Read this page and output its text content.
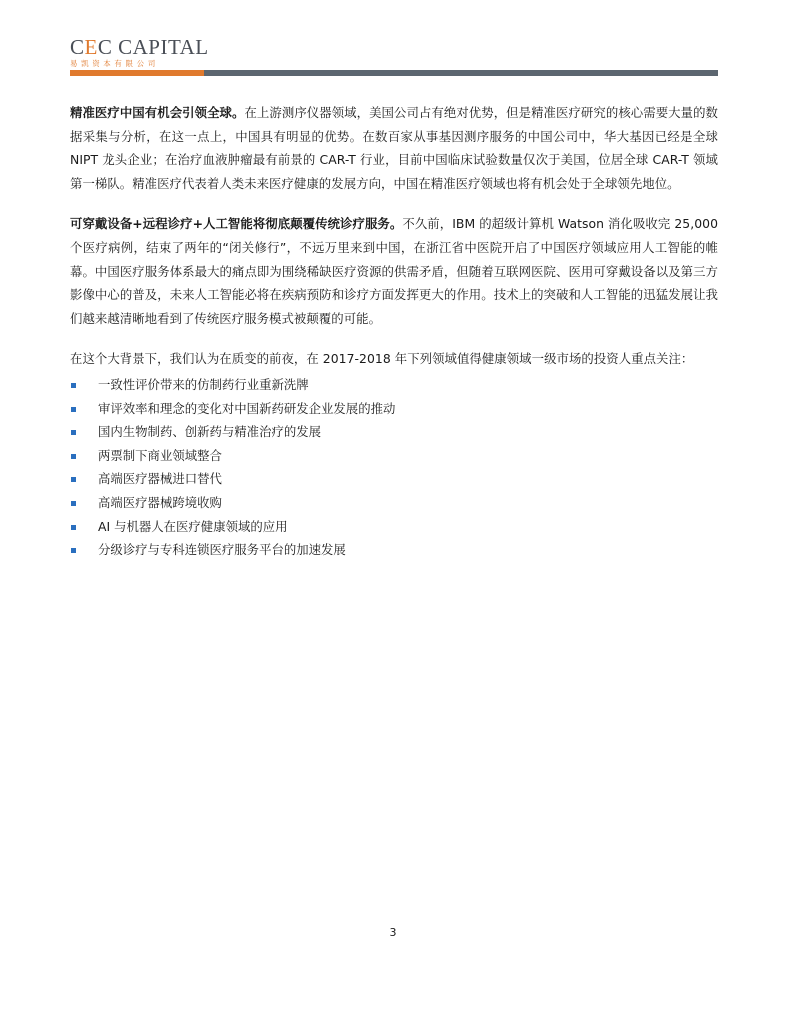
CEC CAPITAL
易凯资本有限公司

精准医疗中国有机会引领全球。在上游测序仪器领域，美国公司占有绝对优势，但是精准医疗研究的核心需要大量的数据采集与分析，在这一点上，中国具有明显的优势。在数百家从事基因测序服务的中国公司中，华大基因已经是全球 NIPT 龙头企业；在治疗血液肿瘤最有前景的 CAR-T 行业，目前中国临床试验数量仅次于美国，位居全球 CAR-T 领域第一梯队。精准医疗代表着人类未来医疗健康的发展方向，中国在精准医疗领域也将有机会处于全球领先地位。

可穿戴设备+远程诊疗+人工智能将彻底颠覆传统诊疗服务。不久前，IBM 的超级计算机 Watson 消化吸收完 25,000 个医疗病例，结束了两年的“闭关修行”，不远万里来到中国，在浙江省中医院开启了中国医疗领域应用人工智能的帷幕。中国医疗服务体系最大的痛点即为围绕稀缺医疗资源的供需矛盾，但随着互联网医院、医用可穿戴设备以及第三方影像中心的普及，未来人工智能必将在疾病预防和诊疗方面发挥更大的作用。技术上的突破和人工智能的迅猛发展让我们越来越清晰地看到了传统医疗服务模式被颠覆的可能。

在这个大背景下，我们认为在质变的前夜，在 2017-2018 年下列领域值得健康领域一级市场的投资人重点关注：

一致性评价带来的仿制药行业重新洗牌
审评效率和理念的变化对中国新药研发企业发展的推动
国内生物制药、创新药与精准治疗的发展
两票制下商业领域整合
高端医疗器械进口替代
高端医疗器械跨境收购
AI 与机器人在医疗健康领域的应用
分级诊疗与专科连锁医疗服务平台的加速发展
3
